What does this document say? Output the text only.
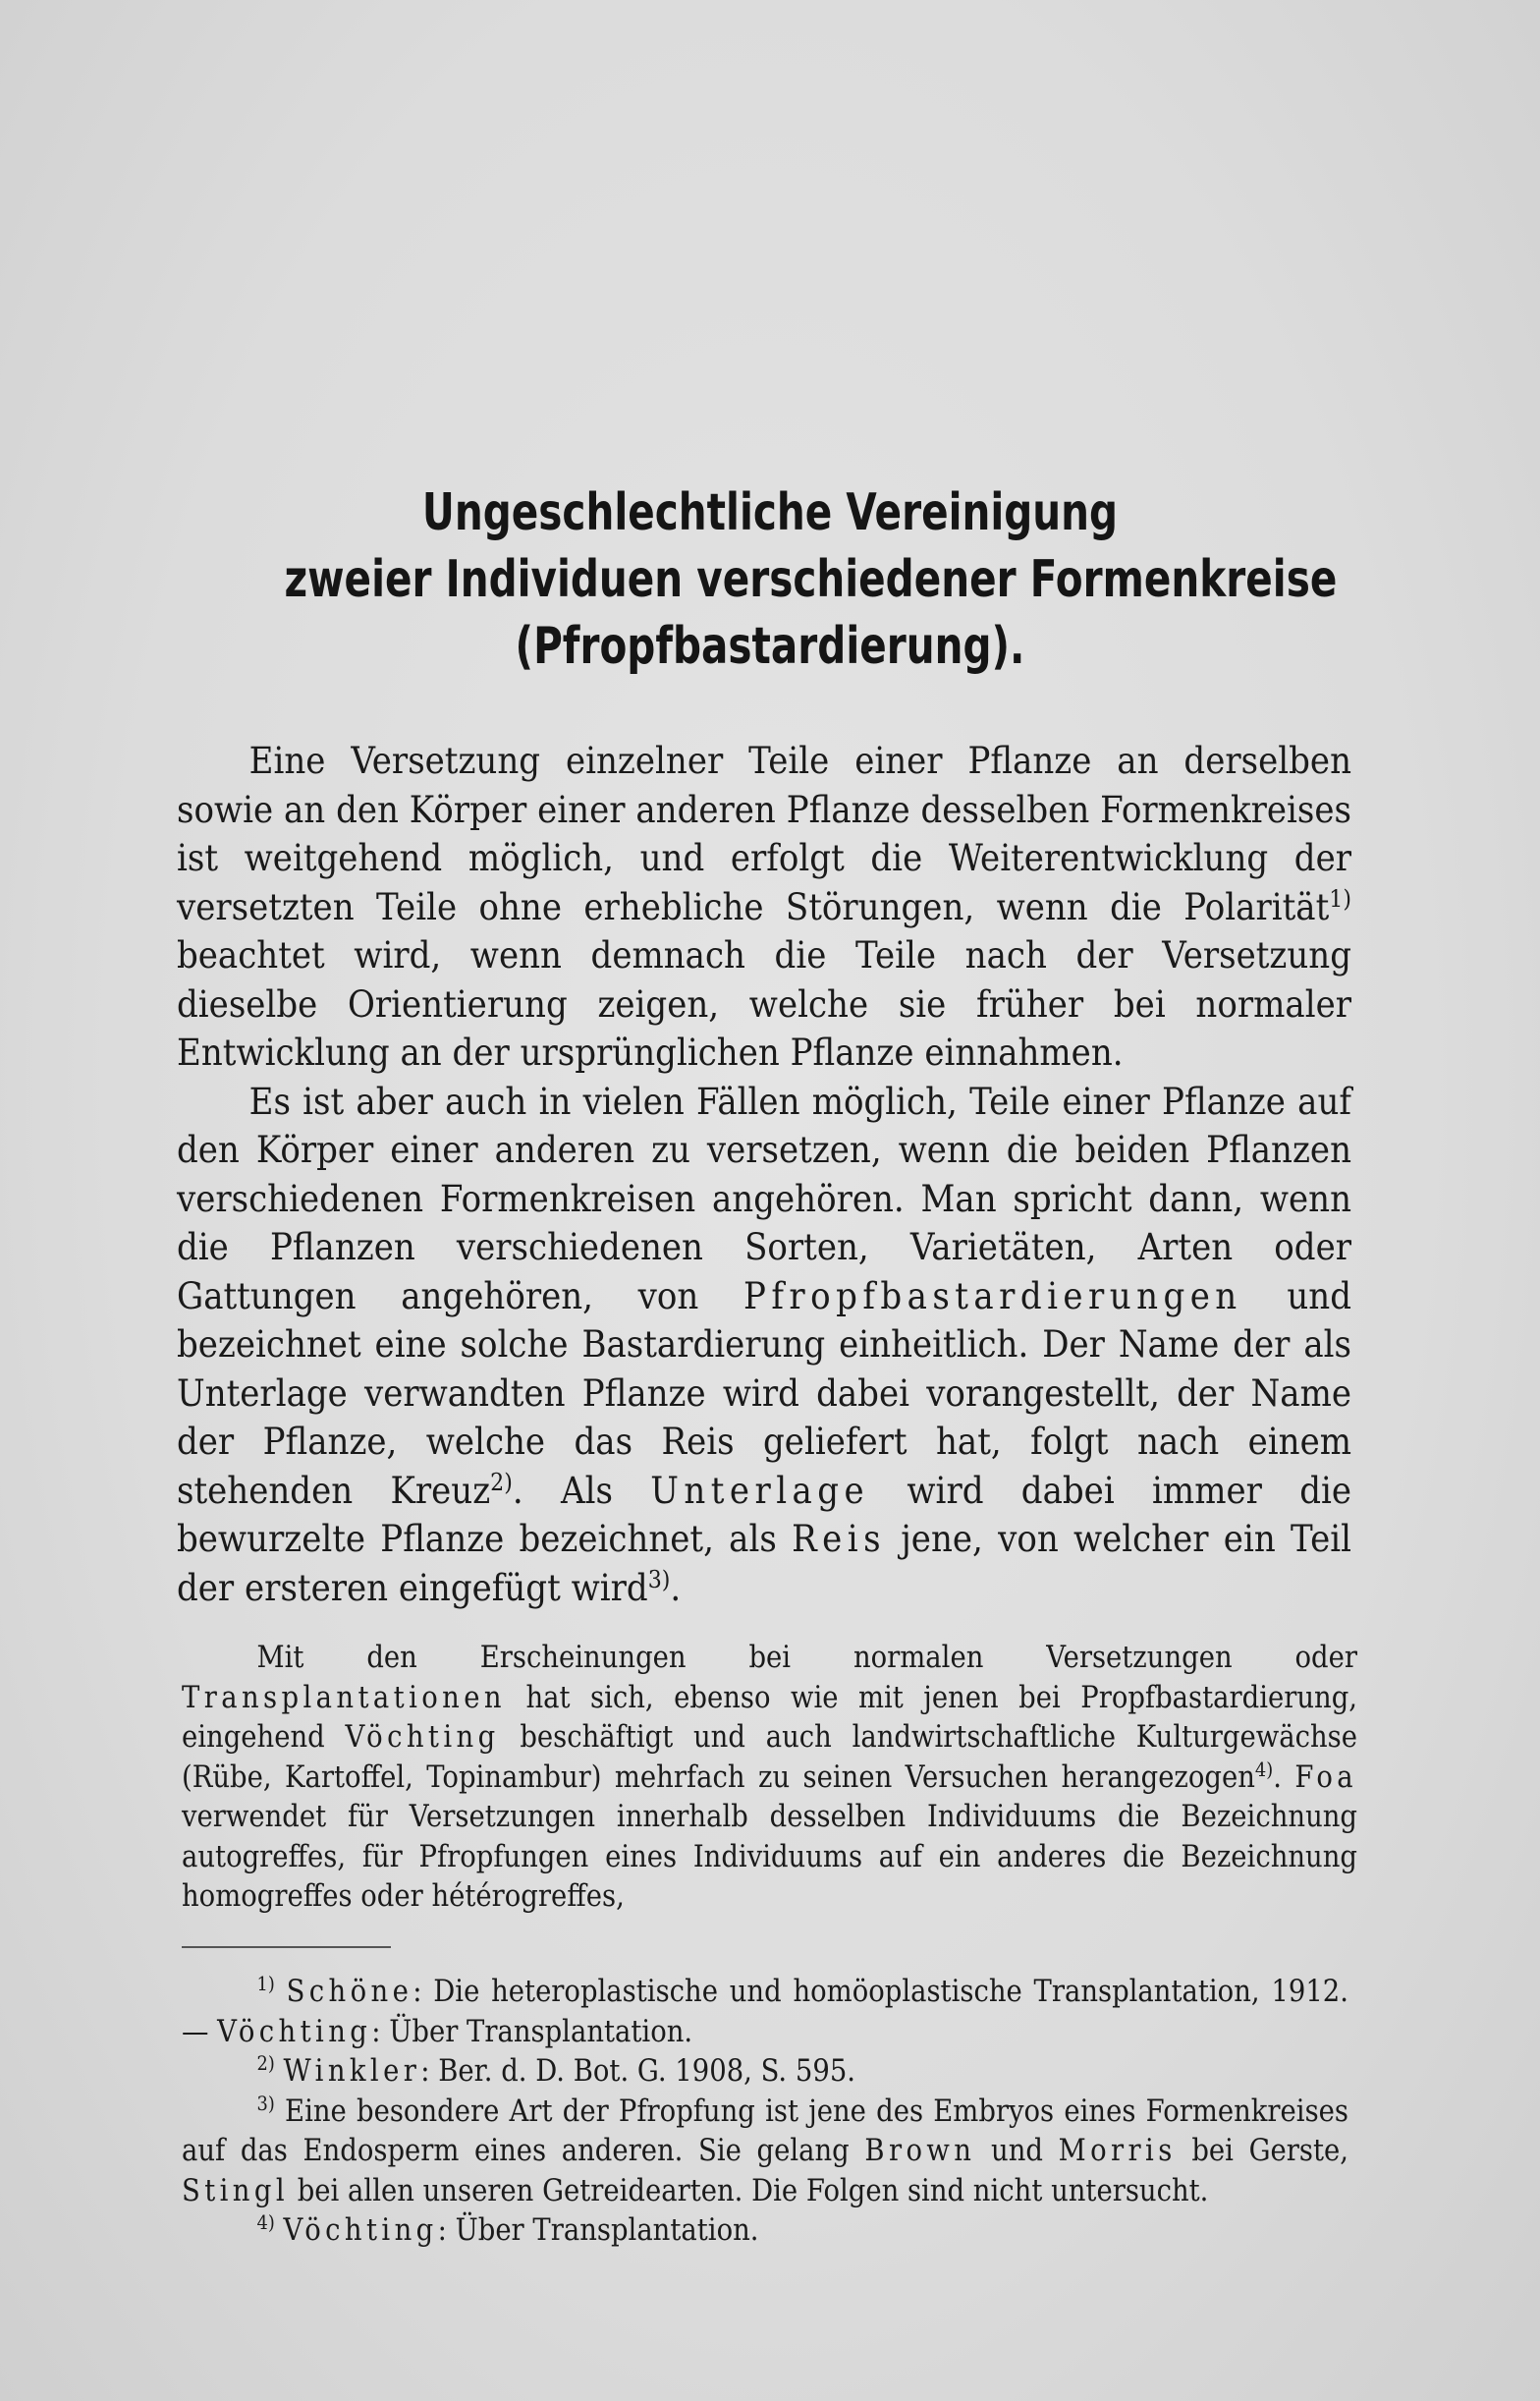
Ungeschlechtliche Vereinigung
zweier Individuen verschiedener Formenkreise
(Pfropfbastardierung).

Eine Versetzung einzelner Teile einer Pflanze an derselben sowie an den Körper einer anderen Pflanze desselben Formenkreises ist weitgehend möglich, und erfolgt die Weiterentwicklung der versetzten Teile ohne erhebliche Störungen, wenn die Polarität$^{1)}$ beachtet wird, wenn demnach die Teile nach der Versetzung dieselbe Orientierung zeigen, welche sie früher bei normaler Entwicklung an der ursprünglichen Pflanze einnahmen.

Es ist aber auch in vielen Fällen möglich, Teile einer Pflanze auf den Körper einer anderen zu versetzen, wenn die beiden Pflanzen verschiedenen Formenkreisen angehören. Man spricht dann, wenn die Pflanzen verschiedenen Sorten, Varietäten, Arten oder Gattungen angehören, von Pfropfbastardierungen und bezeichnet eine solche Bastardierung einheitlich. Der Name der als Unterlage verwandten Pflanze wird dabei vorangestellt, der Name der Pflanze, welche das Reis geliefert hat, folgt nach einem stehenden Kreuz$^{2)}$. Als Unterlage wird dabei immer die bewurzelte Pflanze bezeichnet, als Reis jene, von welcher ein Teil der ersteren eingefügt wird$^{3)}$.

Mit den Erscheinungen bei normalen Versetzungen oder Transplantationen hat sich, ebenso wie mit jenen bei Propfbastardierung, eingehend Vöchting beschäftigt und auch landwirtschaftliche Kulturgewächse (Rübe, Kartoffel, Topinambur) mehrfach zu seinen Versuchen herangezogen$^{4)}$. Foa verwendet für Versetzungen innerhalb desselben Individuums die Bezeichnung autogreffes, für Pfropfungen eines Individuums auf ein anderes die Bezeichnung homogreffes oder hétérogreffes,

$^{1)}$ Schöne: Die heteroplastische und homöoplastische Transplantation, 1912. — Vöchting: Über Transplantation.

$^{2)}$ Winkler: Ber. d. D. Bot. G. 1908, S. 595.

$^{3)}$ Eine besondere Art der Pfropfung ist jene des Embryos eines Formenkreises auf das Endosperm eines anderen. Sie gelang Brown und Morris bei Gerste, Stingl bei allen unseren Getreidearten. Die Folgen sind nicht untersucht.

$^{4)}$ Vöchting: Über Transplantation.
